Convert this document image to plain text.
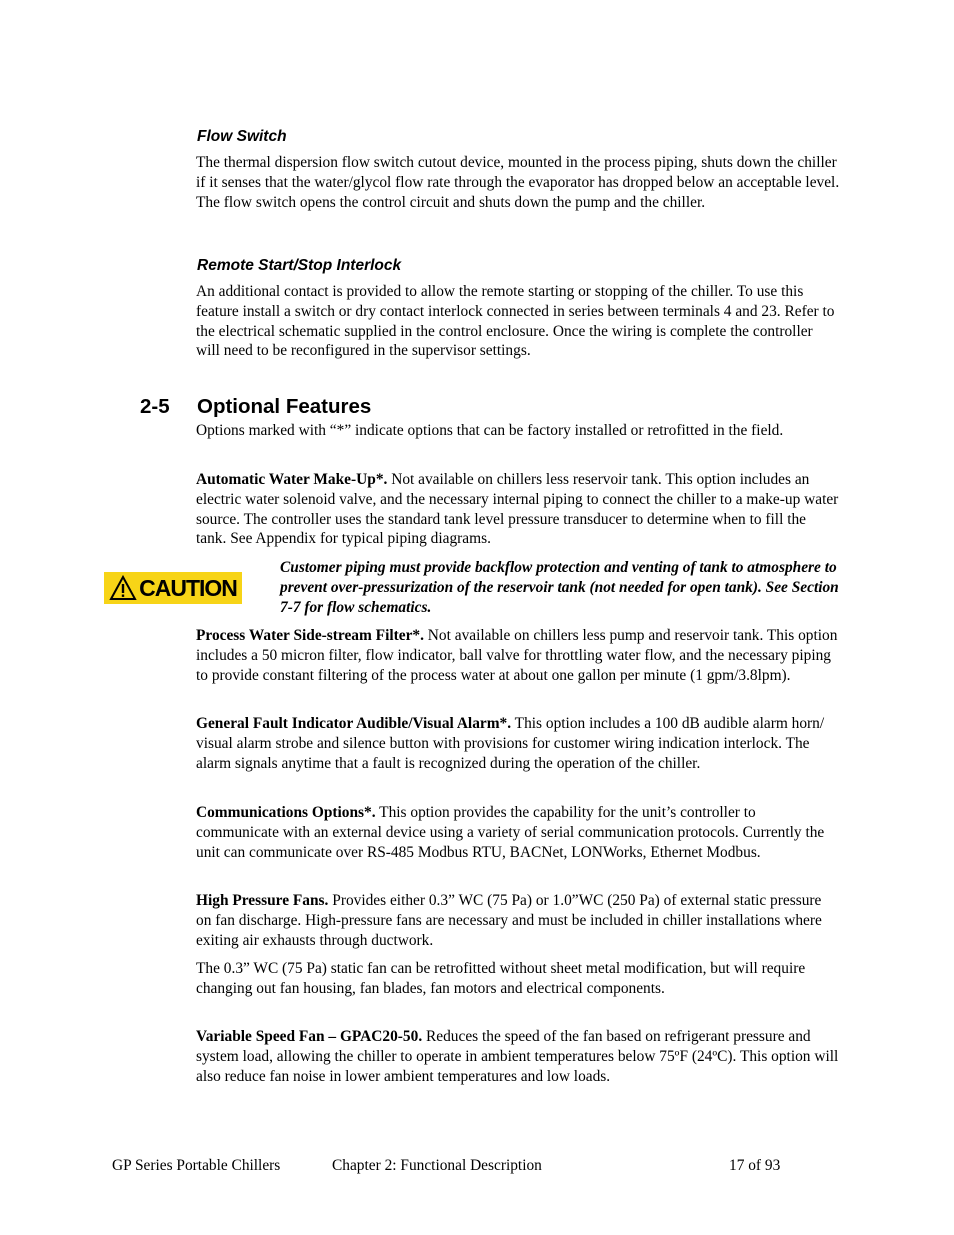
Flow Switch
The thermal dispersion flow switch cutout device, mounted in the process piping, shuts down the chiller if it senses that the water/glycol flow rate through the evaporator has dropped below an acceptable level. The flow switch opens the control circuit and shuts down the pump and the chiller.
Remote Start/Stop Interlock
An additional contact is provided to allow the remote starting or stopping of the chiller. To use this feature install a switch or dry contact interlock connected in series between terminals 4 and 23. Refer to the electrical schematic supplied in the control enclosure. Once the wiring is complete the controller will need to be reconfigured in the supervisor settings.
2-5 Optional Features
Options marked with “*” indicate options that can be factory installed or retrofitted in the field.
Automatic Water Make-Up*. Not available on chillers less reservoir tank. This option includes an electric water solenoid valve, and the necessary internal piping to connect the chiller to a make-up water source. The controller uses the standard tank level pressure transducer to determine when to fill the tank. See Appendix for typical piping diagrams.
CAUTION
Customer piping must provide backflow protection and venting of tank to atmosphere to prevent over-pressurization of the reservoir tank (not needed for open tank). See Section 7-7 for flow schematics.
Process Water Side-stream Filter*. Not available on chillers less pump and reservoir tank. This option includes a 50 micron filter, flow indicator, ball valve for throttling water flow, and the necessary piping to provide constant filtering of the process water at about one gallon per minute (1 gpm/3.8lpm).
General Fault Indicator Audible/Visual Alarm*. This option includes a 100 dB audible alarm horn/ visual alarm strobe and silence button with provisions for customer wiring indication interlock. The alarm signals anytime that a fault is recognized during the operation of the chiller.
Communications Options*. This option provides the capability for the unit’s controller to communicate with an external device using a variety of serial communication protocols. Currently the unit can communicate over RS-485 Modbus RTU, BACNet, LONWorks, Ethernet Modbus.
High Pressure Fans. Provides either 0.3” WC (75 Pa) or 1.0”WC (250 Pa) of external static pressure on fan discharge. High-pressure fans are necessary and must be included in chiller installations where exiting air exhausts through ductwork.
The 0.3” WC (75 Pa) static fan can be retrofitted without sheet metal modification, but will require changing out fan housing, fan blades, fan motors and electrical components.
Variable Speed Fan – GPAC20-50. Reduces the speed of the fan based on refrigerant pressure and system load, allowing the chiller to operate in ambient temperatures below 75ºF (24ºC). This option will also reduce fan noise in lower ambient temperatures and low loads.
GP Series Portable Chillers	Chapter 2: Functional Description	17 of 93
